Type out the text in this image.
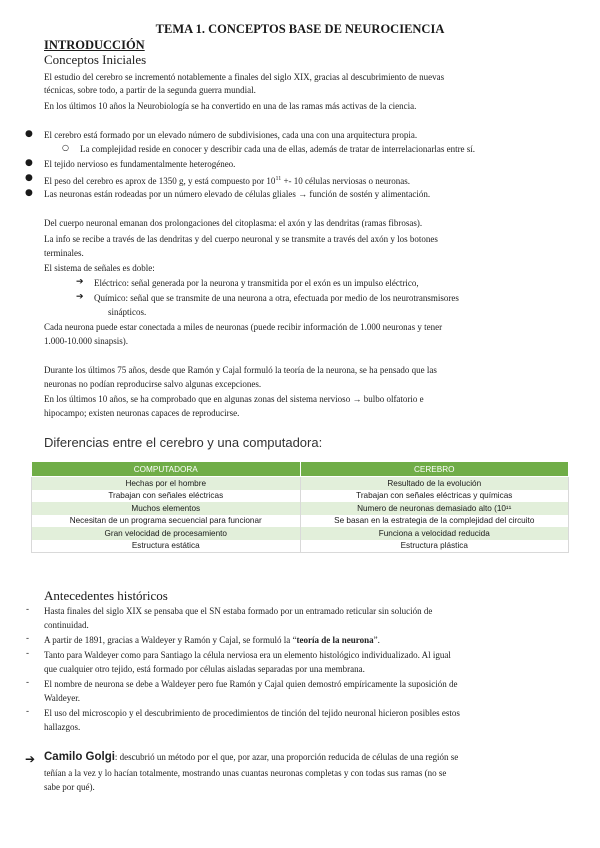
TEMA 1. CONCEPTOS BASE DE NEUROCIENCIA
INTRODUCCIÓN
Conceptos Iniciales
El estudio del cerebro se incrementó notablemente a finales del siglo XIX, gracias al descubrimiento de nuevas
técnicas, sobre todo, a partir de la segunda guerra mundial.
En los últimos 10 años la Neurobiología se ha convertido en una de las ramas más activas de la ciencia.
● El cerebro está formado por un elevado número de subdivisiones, cada una con una arquitectura propia.
○ La complejidad reside en conocer y describir cada una de ellas, además de tratar de interrelacionarlas entre sí.
● El tejido nervioso es fundamentalmente heterogéneo.
● El peso del cerebro es aprox de 1350 g, y está compuesto por $10^{11} +- 10$ células nerviosas o neuronas.
● Las neuronas están rodeadas por un número elevado de células gliales → función de sostén y alimentación.
Del cuerpo neuronal emanan dos prolongaciones del citoplasma: el axón y las dendritas (ramas fibrosas).
La info se recibe a través de las dendritas y del cuerpo neuronal y se transmite a través del axón y los botones
terminales.
El sistema de señales es doble:
➔ Eléctrico: señal generada por la neurona y transmitida por el exón es un impulso eléctrico,
➔ Químico: señal que se transmite de una neurona a otra, efectuada por medio de los neurotransmisores
sinápticos.
Cada neurona puede estar conectada a miles de neuronas (puede recibir información de 1.000 neuronas y tener
1.000-10.000 sinapsis).
Durante los últimos 75 años, desde que Ramón y Cajal formuló la teoría de la neurona, se ha pensado que las
neuronas no podían reproducirse salvo algunas excepciones.
En los últimos 10 años, se ha comprobado que en algunas zonas del sistema nervioso → bulbo olfatorio e
hipocampo; existen neuronas capaces de reproducirse.
Diferencias entre el cerebro y una computadora:
COMPUTADORA	CEREBRO
Hechas por el hombre	Resultado de la evolución
Trabajan con señales eléctricas	Trabajan con señales eléctricas y químicas
Muchos elementos	Numero de neuronas demasiado alto (10¹¹
Necesitan de un programa secuencial para funcionar	Se basan en la estrategia de la complejidad del circuito
Gran velocidad de procesamiento	Funciona a velocidad reducida
Estructura estática	Estructura plástica
Antecedentes históricos
- Hasta finales del siglo XIX se pensaba que el SN estaba formado por un entramado reticular sin solución de
continuidad.
- A partir de 1891, gracias a Waldeyer y Ramón y Cajal, se formuló la “teoría de la neurona”.
- Tanto para Waldeyer como para Santiago la célula nerviosa era un elemento histológico individualizado. Al igual
que cualquier otro tejido, está formado por células aisladas separadas por una membrana.
- El nombre de neurona se debe a Waldeyer pero fue Ramón y Cajal quien demostró empíricamente la suposición de
Waldeyer.
- El uso del microscopio y el descubrimiento de procedimientos de tinción del tejido neuronal hicieron posibles estos
hallazgos.
➔ Camilo Golgi: descubrió un método por el que, por azar, una proporción reducida de células de una región se
teñían a la vez y lo hacían totalmente, mostrando unas cuantas neuronas completas y con todas sus ramas (no se
sabe por qué).
